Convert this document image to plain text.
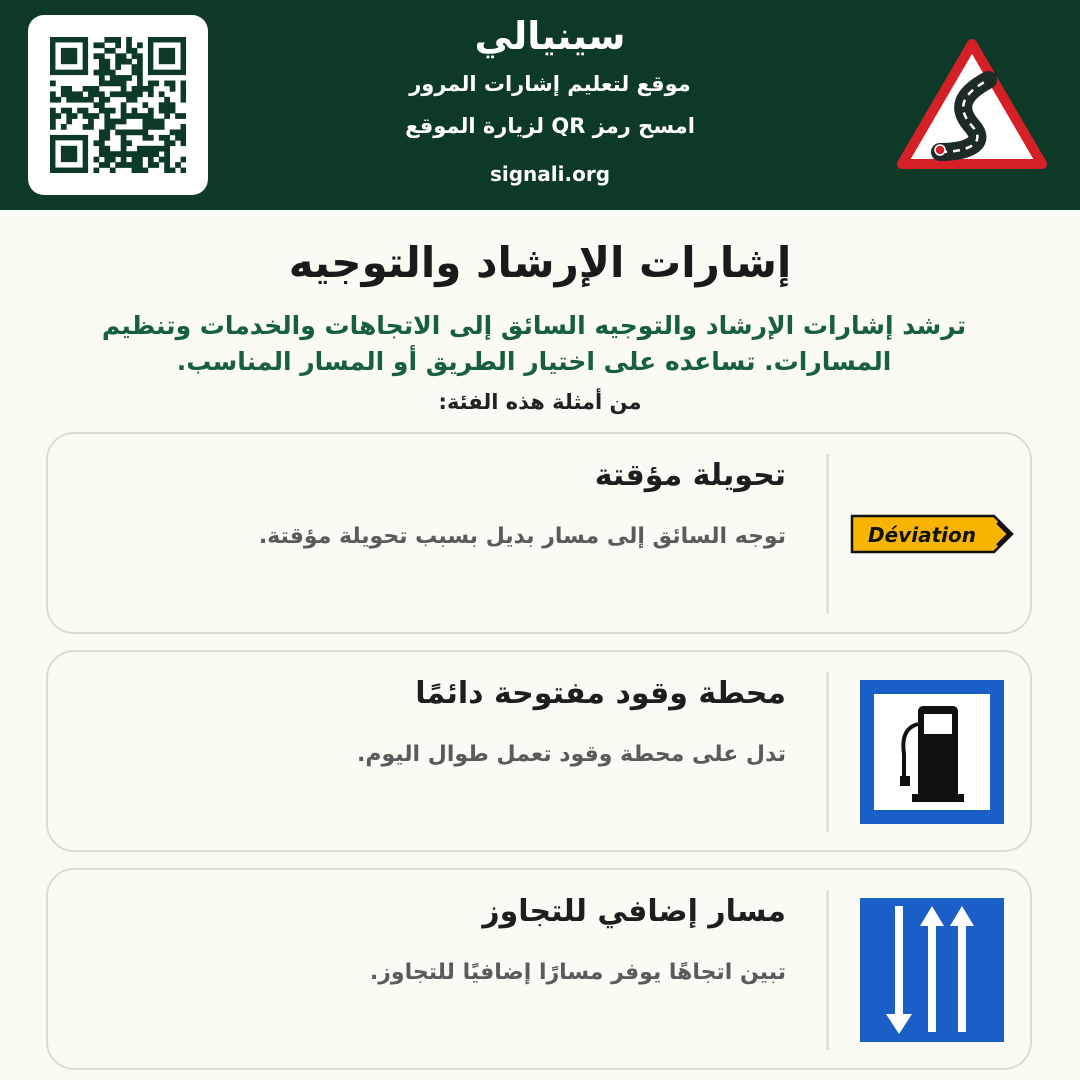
سينيالي
موقع لتعليم إشارات المرور
امسح رمز QR لزيارة الموقع
signali.org
إشارات الإرشاد والتوجيه
ترشد إشارات الإرشاد والتوجيه السائق إلى الاتجاهات والخدمات وتنظيم المسارات. تساعده على اختيار الطريق أو المسار المناسب.
من أمثلة هذه الفئة:
تحويلة مؤقتة
توجه السائق إلى مسار بديل بسبب تحويلة مؤقتة.	Déviation
محطة وقود مفتوحة دائمًا
تدل على محطة وقود تعمل طوال اليوم.
مسار إضافي للتجاوز
تبين اتجاهًا يوفر مسارًا إضافيًا للتجاوز.
